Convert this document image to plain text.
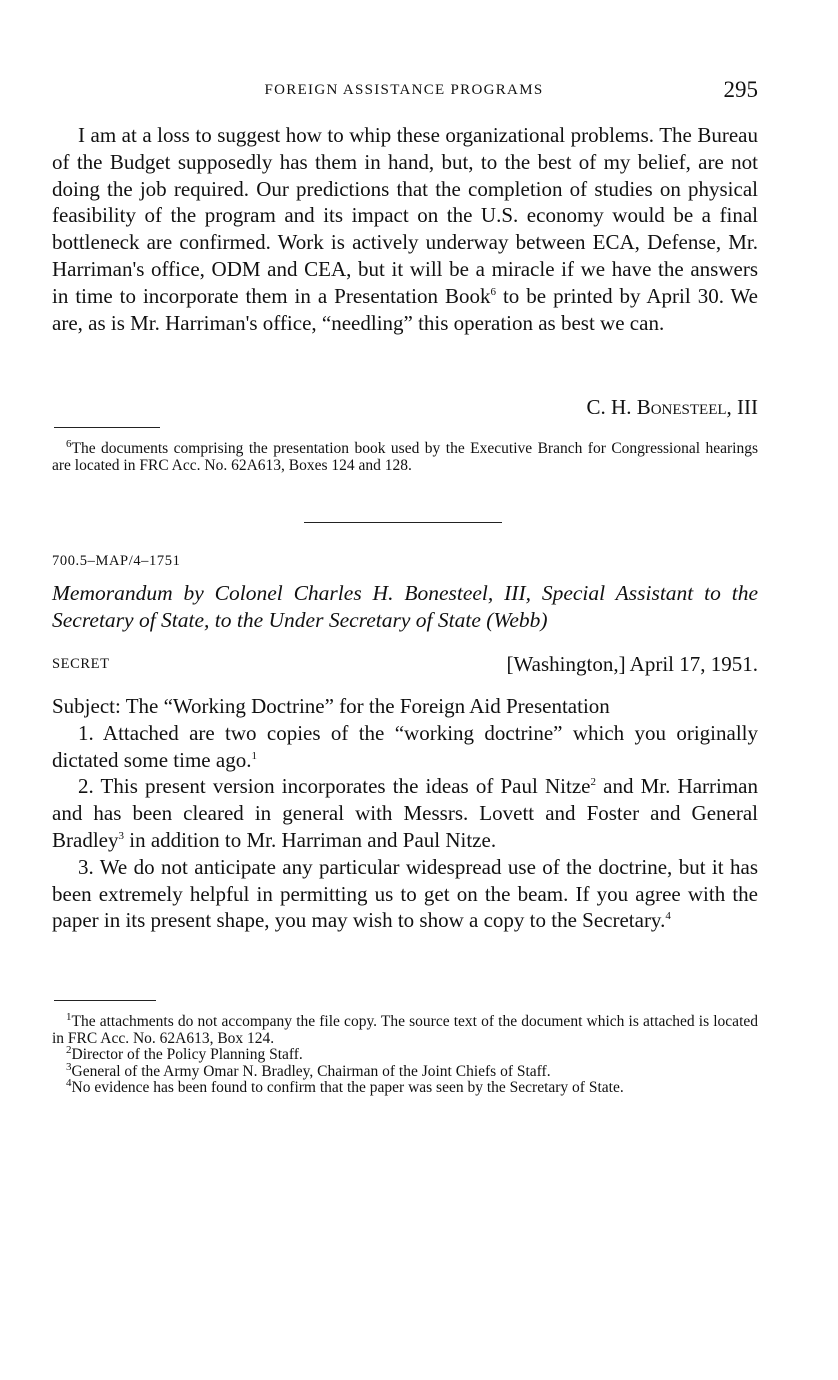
FOREIGN ASSISTANCE PROGRAMS	295

I am at a loss to suggest how to whip these organizational problems. The Bureau of the Budget supposedly has them in hand, but, to the best of my belief, are not doing the job required. Our predictions that the completion of studies on physical feasibility of the program and its impact on the U.S. economy would be a final bottleneck are confirmed. Work is actively underway between ECA, Defense, Mr. Harriman's office, ODM and CEA, but it will be a miracle if we have the answers in time to incorporate them in a Presentation Book$^6$ to be printed by April 30. We are, as is Mr. Harriman's office, “needling” this operation as best we can.

C. H. Bonesteel, III

$^6$The documents comprising the presentation book used by the Executive Branch for Congressional hearings are located in FRC Acc. No. 62A613, Boxes 124 and 128.

700.5–MAP/4–1751
Memorandum by Colonel Charles H. Bonesteel, III, Special Assistant to the Secretary of State, to the Under Secretary of State (Webb)
SECRET	[Washington,] April 17, 1951.

Subject: The “Working Doctrine” for the Foreign Aid Presentation

1. Attached are two copies of the “working doctrine” which you originally dictated some time ago.$^1$

2. This present version incorporates the ideas of Paul Nitze$^2$ and Mr. Harriman and has been cleared in general with Messrs. Lovett and Foster and General Bradley$^3$ in addition to Mr. Harriman and Paul Nitze.

3. We do not anticipate any particular widespread use of the doctrine, but it has been extremely helpful in permitting us to get on the beam. If you agree with the paper in its present shape, you may wish to show a copy to the Secretary.$^4$

$^1$The attachments do not accompany the file copy. The source text of the document which is attached is located in FRC Acc. No. 62A613, Box 124.

$^2$Director of the Policy Planning Staff.

$^3$General of the Army Omar N. Bradley, Chairman of the Joint Chiefs of Staff.

$^4$No evidence has been found to confirm that the paper was seen by the Secretary of State.
